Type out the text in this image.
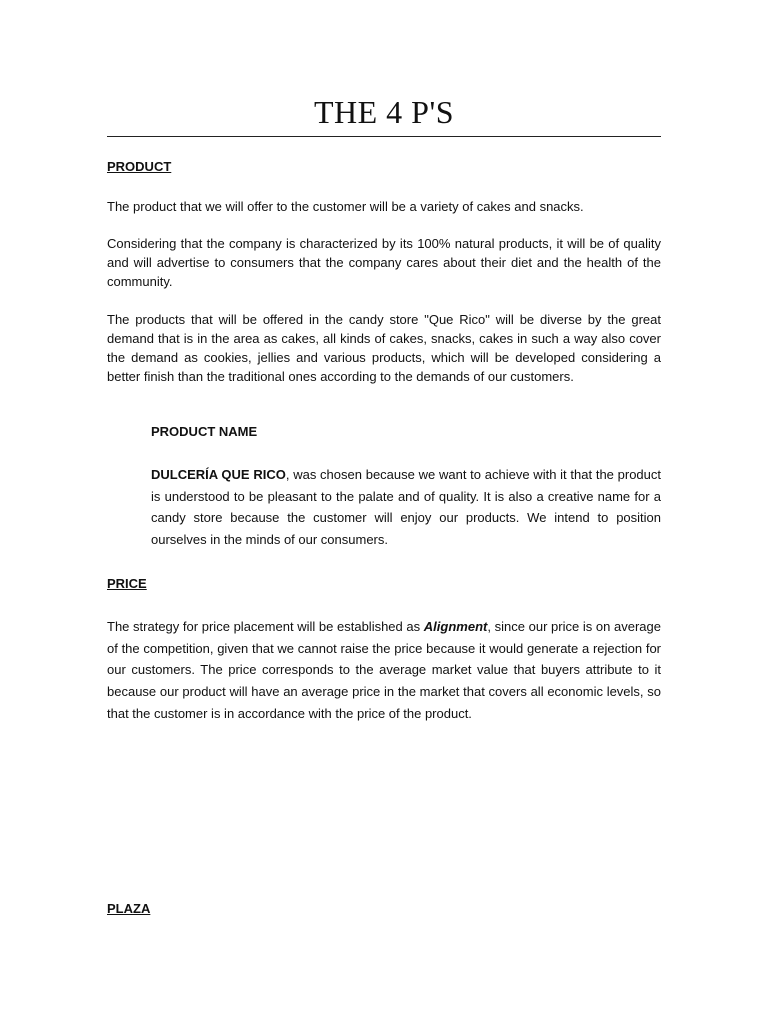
THE 4 P'S
PRODUCT

The product that we will offer to the customer will be a variety of cakes and snacks.

Considering that the company is characterized by its 100% natural products, it will be of quality and will advertise to consumers that the company cares about their diet and the health of the community.

The products that will be offered in the candy store "Que Rico" will be diverse by the great demand that is in the area as cakes, all kinds of cakes, snacks, cakes in such a way also cover the demand as cookies, jellies and various products, which will be developed considering a better finish than the traditional ones according to the demands of our customers.

PRODUCT NAME

DULCERÍA QUE RICO, was chosen because we want to achieve with it that the product is understood to be pleasant to the palate and of quality. It is also a creative name for a candy store because the customer will enjoy our products. We intend to position ourselves in the minds of our consumers.

PRICE

The strategy for price placement will be established as Alignment, since our price is on average of the competition, given that we cannot raise the price because it would generate a rejection for our customers. The price corresponds to the average market value that buyers attribute to it because our product will have an average price in the market that covers all economic levels, so that the customer is in accordance with the price of the product.

PLAZA
